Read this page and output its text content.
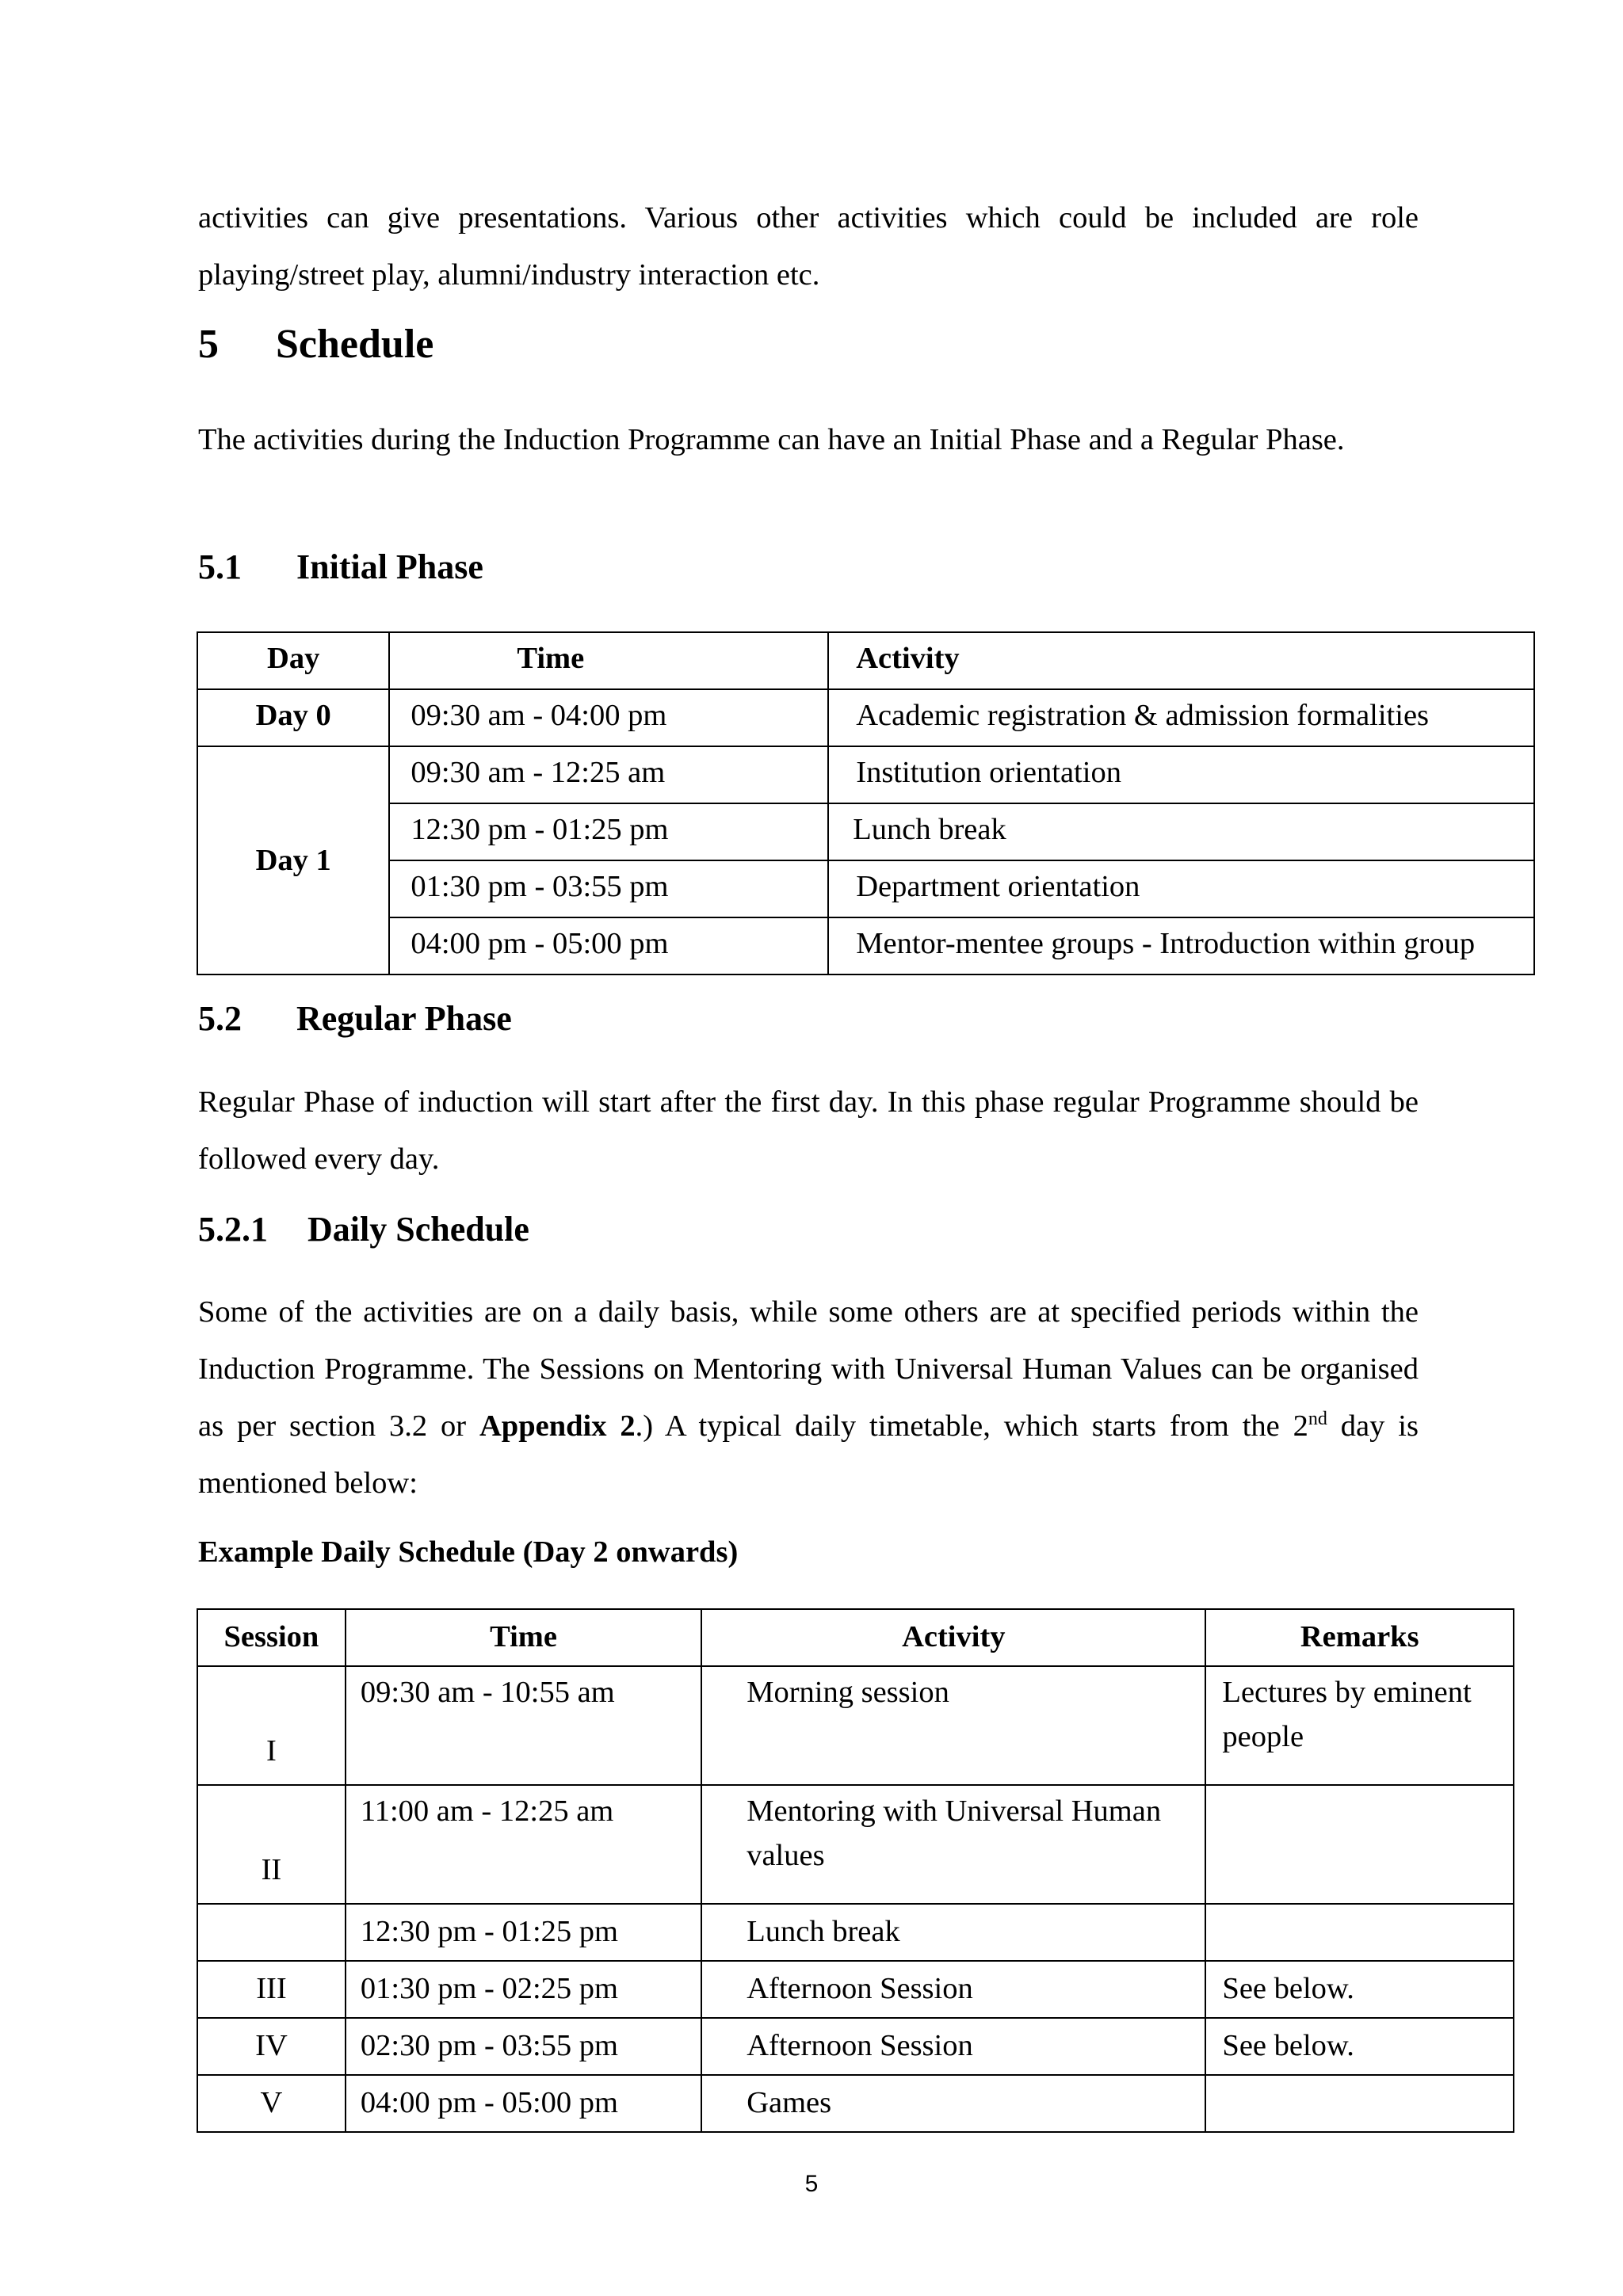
activities can give presentations. Various other activities which could be included are role playing/street play, alumni/industry interaction etc.

5 Schedule

The activities during the Induction Programme can have an Initial Phase and a Regular Phase.

5.1 Initial Phase
Day	Time	Activity
Day 0	09:30 am - 04:00 pm	Academic registration & admission formalities
Day 1	09:30 am - 12:25 am	Institution orientation
	12:30 pm - 01:25 pm	Lunch break
	01:30 pm - 03:55 pm	Department orientation
	04:00 pm - 05:00 pm	Mentor-mentee groups - Introduction within group
5.2 Regular Phase

Regular Phase of induction will start after the first day. In this phase regular Programme should be followed every day.

5.2.1 Daily Schedule

Some of the activities are on a daily basis, while some others are at specified periods within the Induction Programme. The Sessions on Mentoring with Universal Human Values can be organised as per section 3.2 or Appendix 2.) A typical daily timetable, which starts from the 2nd day is mentioned below:

Example Daily Schedule (Day 2 onwards)

Session	Time	Activity	Remarks
I	09:30 am - 10:55 am	Morning session	Lectures by eminent people
II	11:00 am - 12:25 am	Mentoring with Universal Human values	
	12:30 pm - 01:25 pm	Lunch break	
III	01:30 pm - 02:25 pm	Afternoon Session	See below.
IV	02:30 pm - 03:55 pm	Afternoon Session	See below.
V	04:00 pm - 05:00 pm	Games	
5
